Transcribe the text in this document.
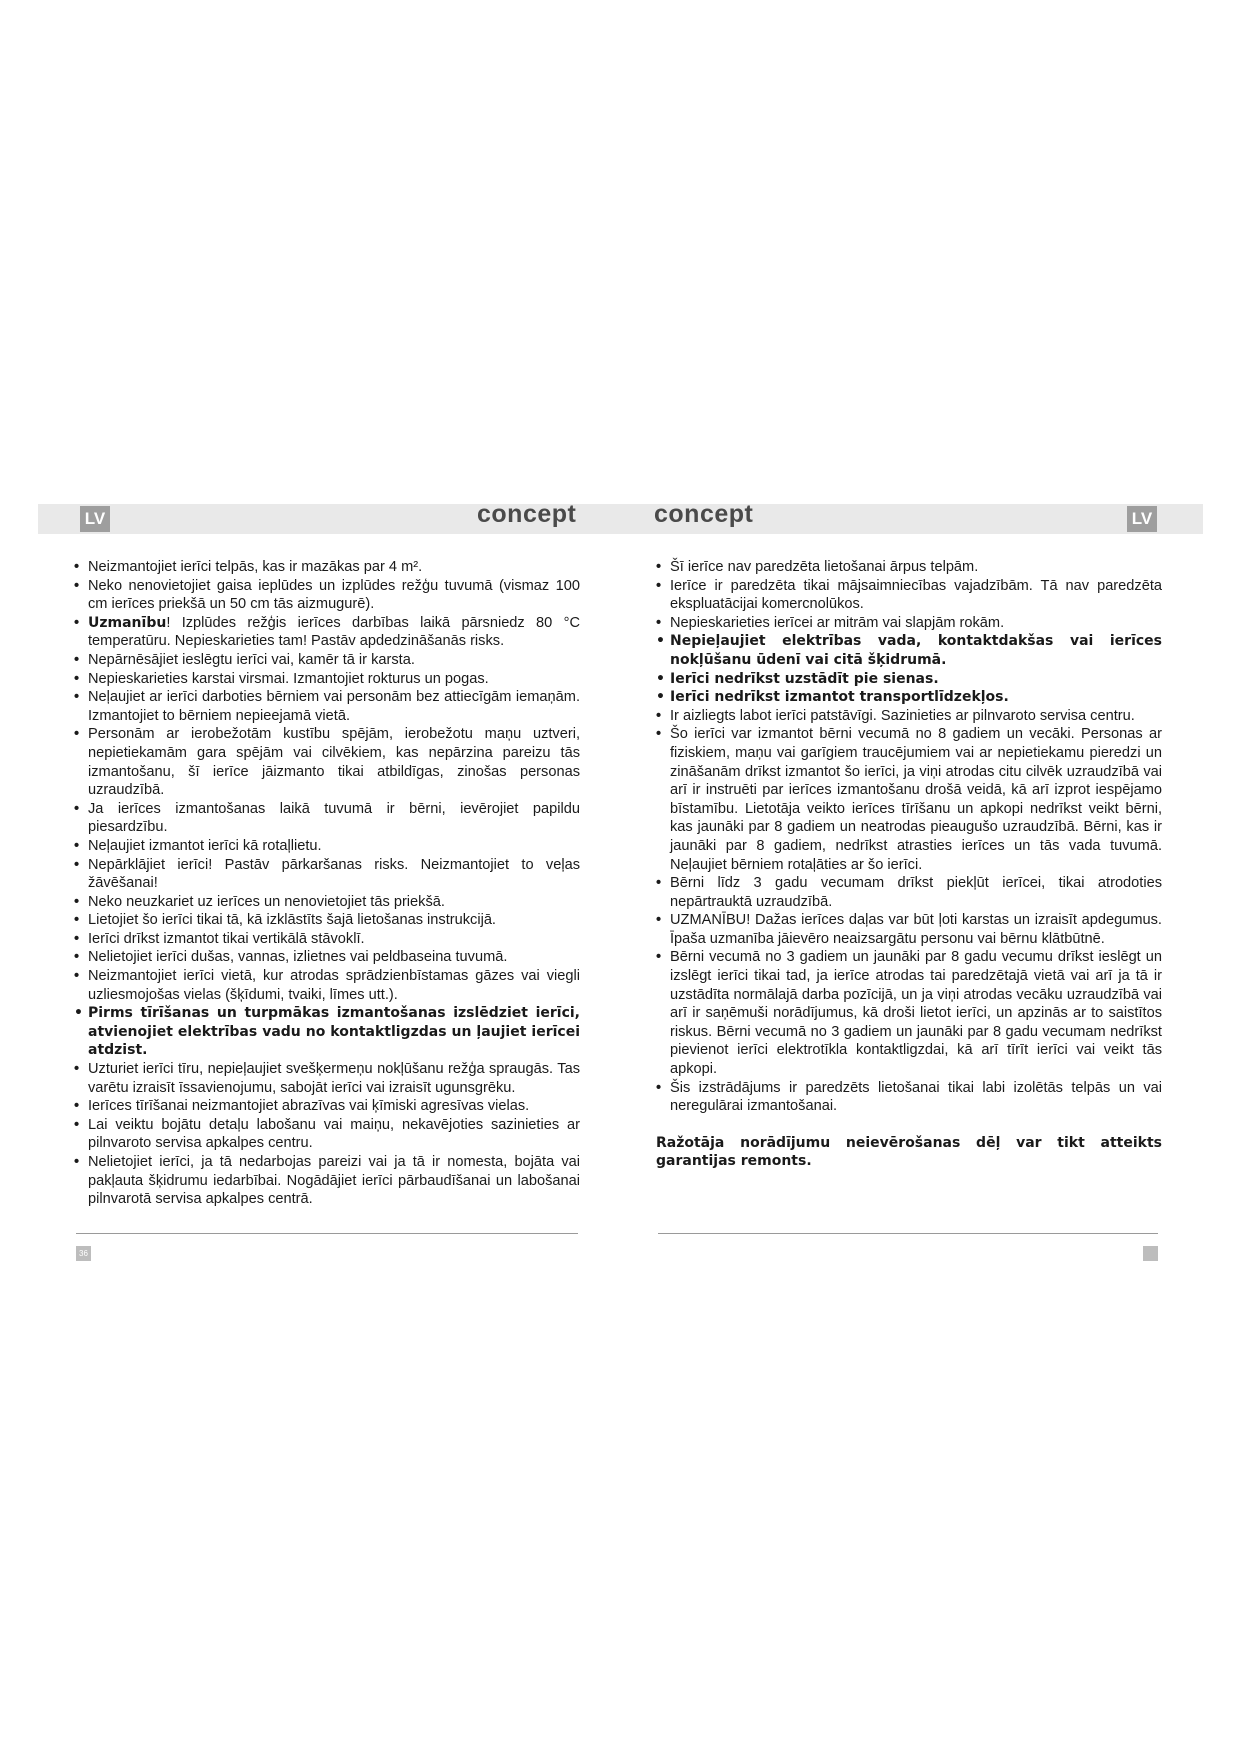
LV	concept	concept	LV
• Neizmantojiet ierīci telpās, kas ir mazākas par 4 m².
• Neko nenovietojiet gaisa ieplūdes un izplūdes režģu tuvumā (vismaz 100 cm ierīces priekšā un 50 cm tās aizmugurē).
• Uzmanību! Izplūdes režģis ierīces darbības laikā pārsniedz 80 °C temperatūru. Nepieskarieties tam! Pastāv apdedzināšanās risks.
• Nepārnēsājiet ieslēgtu ierīci vai, kamēr tā ir karsta.
• Nepieskarieties karstai virsmai. Izmantojiet rokturus un pogas.
• Neļaujiet ar ierīci darboties bērniem vai personām bez attiecīgām iemaņām. Izmantojiet to bērniem nepieejamā vietā.
• Personām ar ierobežotām kustību spējām, ierobežotu maņu uztveri, nepietiekamām gara spējām vai cilvēkiem, kas nepārzina pareizu tās izmantošanu, šī ierīce jāizmanto tikai atbildīgas, zinošas personas uzraudzībā.
• Ja ierīces izmantošanas laikā tuvumā ir bērni, ievērojiet papildu piesardzību.
• Neļaujiet izmantot ierīci kā rotaļlietu.
• Nepārklājiet ierīci! Pastāv pārkaršanas risks. Neizmantojiet to veļas žāvēšanai!
• Neko neuzkariet uz ierīces un nenovietojiet tās priekšā.
• Lietojiet šo ierīci tikai tā, kā izklāstīts šajā lietošanas instrukcijā.
• Ierīci drīkst izmantot tikai vertikālā stāvoklī.
• Nelietojiet ierīci dušas, vannas, izlietnes vai peldbaseina tuvumā.
• Neizmantojiet ierīci vietā, kur atrodas sprādzienbīstamas gāzes vai viegli uzliesmojošas vielas (šķīdumi, tvaiki, līmes utt.).
• Pirms tīrīšanas un turpmākas izmantošanas izslēdziet ierīci, atvienojiet elektrības vadu no kontaktligzdas un ļaujiet ierīcei atdzist.
• Uzturiet ierīci tīru, nepieļaujiet svešķermeņu nokļūšanu režģa spraugās. Tas varētu izraisīt īssavienojumu, sabojāt ierīci vai izraisīt ugunsgrēku.
• Ierīces tīrīšanai neizmantojiet abrazīvas vai ķīmiski agresīvas vielas.
• Lai veiktu bojātu detaļu labošanu vai maiņu, nekavējoties sazinieties ar pilnvaroto servisa apkalpes centru.
• Nelietojiet ierīci, ja tā nedarbojas pareizi vai ja tā ir nomesta, bojāta vai pakļauta šķidrumu iedarbībai. Nogādājiet ierīci pārbaudīšanai un labošanai pilnvarotā servisa apkalpes centrā.
• Šī ierīce nav paredzēta lietošanai ārpus telpām.
• Ierīce ir paredzēta tikai mājsaimniecības vajadzībām. Tā nav paredzēta ekspluatācijai komercnolūkos.
• Nepieskarieties ierīcei ar mitrām vai slapjām rokām.
• Nepieļaujiet elektrības vada, kontaktdakšas vai ierīces nokļūšanu ūdenī vai citā šķidrumā.
• Ierīci nedrīkst uzstādīt pie sienas.
• Ierīci nedrīkst izmantot transportlīdzekļos.
• Ir aizliegts labot ierīci patstāvīgi. Sazinieties ar pilnvaroto servisa centru.
• Šo ierīci var izmantot bērni vecumā no 8 gadiem un vecāki. Personas ar fiziskiem, maņu vai garīgiem traucējumiem vai ar nepietiekamu pieredzi un zināšanām drīkst izmantot šo ierīci, ja viņi atrodas citu cilvēk uzraudzībā vai arī ir instruēti par ierīces izmantošanu drošā veidā, kā arī izprot iespējamo bīstamību. Lietotāja veikto ierīces tīrīšanu un apkopi nedrīkst veikt bērni, kas jaunāki par 8 gadiem un neatrodas pieaugušo uzraudzībā. Bērni, kas ir jaunāki par 8 gadiem, nedrīkst atrasties ierīces un tās vada tuvumā. Neļaujiet bērniem rotaļāties ar šo ierīci.
• Bērni līdz 3 gadu vecumam drīkst piekļūt ierīcei, tikai atrodoties nepārtrauktā uzraudzībā.
• UZMANĪBU! Dažas ierīces daļas var būt ļoti karstas un izraisīt apdegumus. Īpaša uzmanība jāievēro neaizsargātu personu vai bērnu klātbūtnē.
• Bērni vecumā no 3 gadiem un jaunāki par 8 gadu vecumu drīkst ieslēgt un izslēgt ierīci tikai tad, ja ierīce atrodas tai paredzētajā vietā vai arī ja tā ir uzstādīta normālajā darba pozīcijā, un ja viņi atrodas vecāku uzraudzībā vai arī ir saņēmuši norādījumus, kā droši lietot ierīci, un apzinās ar to saistītos riskus. Bērni vecumā no 3 gadiem un jaunāki par 8 gadu vecumam nedrīkst pievienot ierīci elektrotīkla kontaktligzdai, kā arī tīrīt ierīci vai veikt tās apkopi.
• Šis izstrādājums ir paredzēts lietošanai tikai labi izolētās telpās un vai neregulārai izmantošanai.
Ražotāja norādījumu neievērošanas dēļ var tikt atteikts garantijas remonts.
36
